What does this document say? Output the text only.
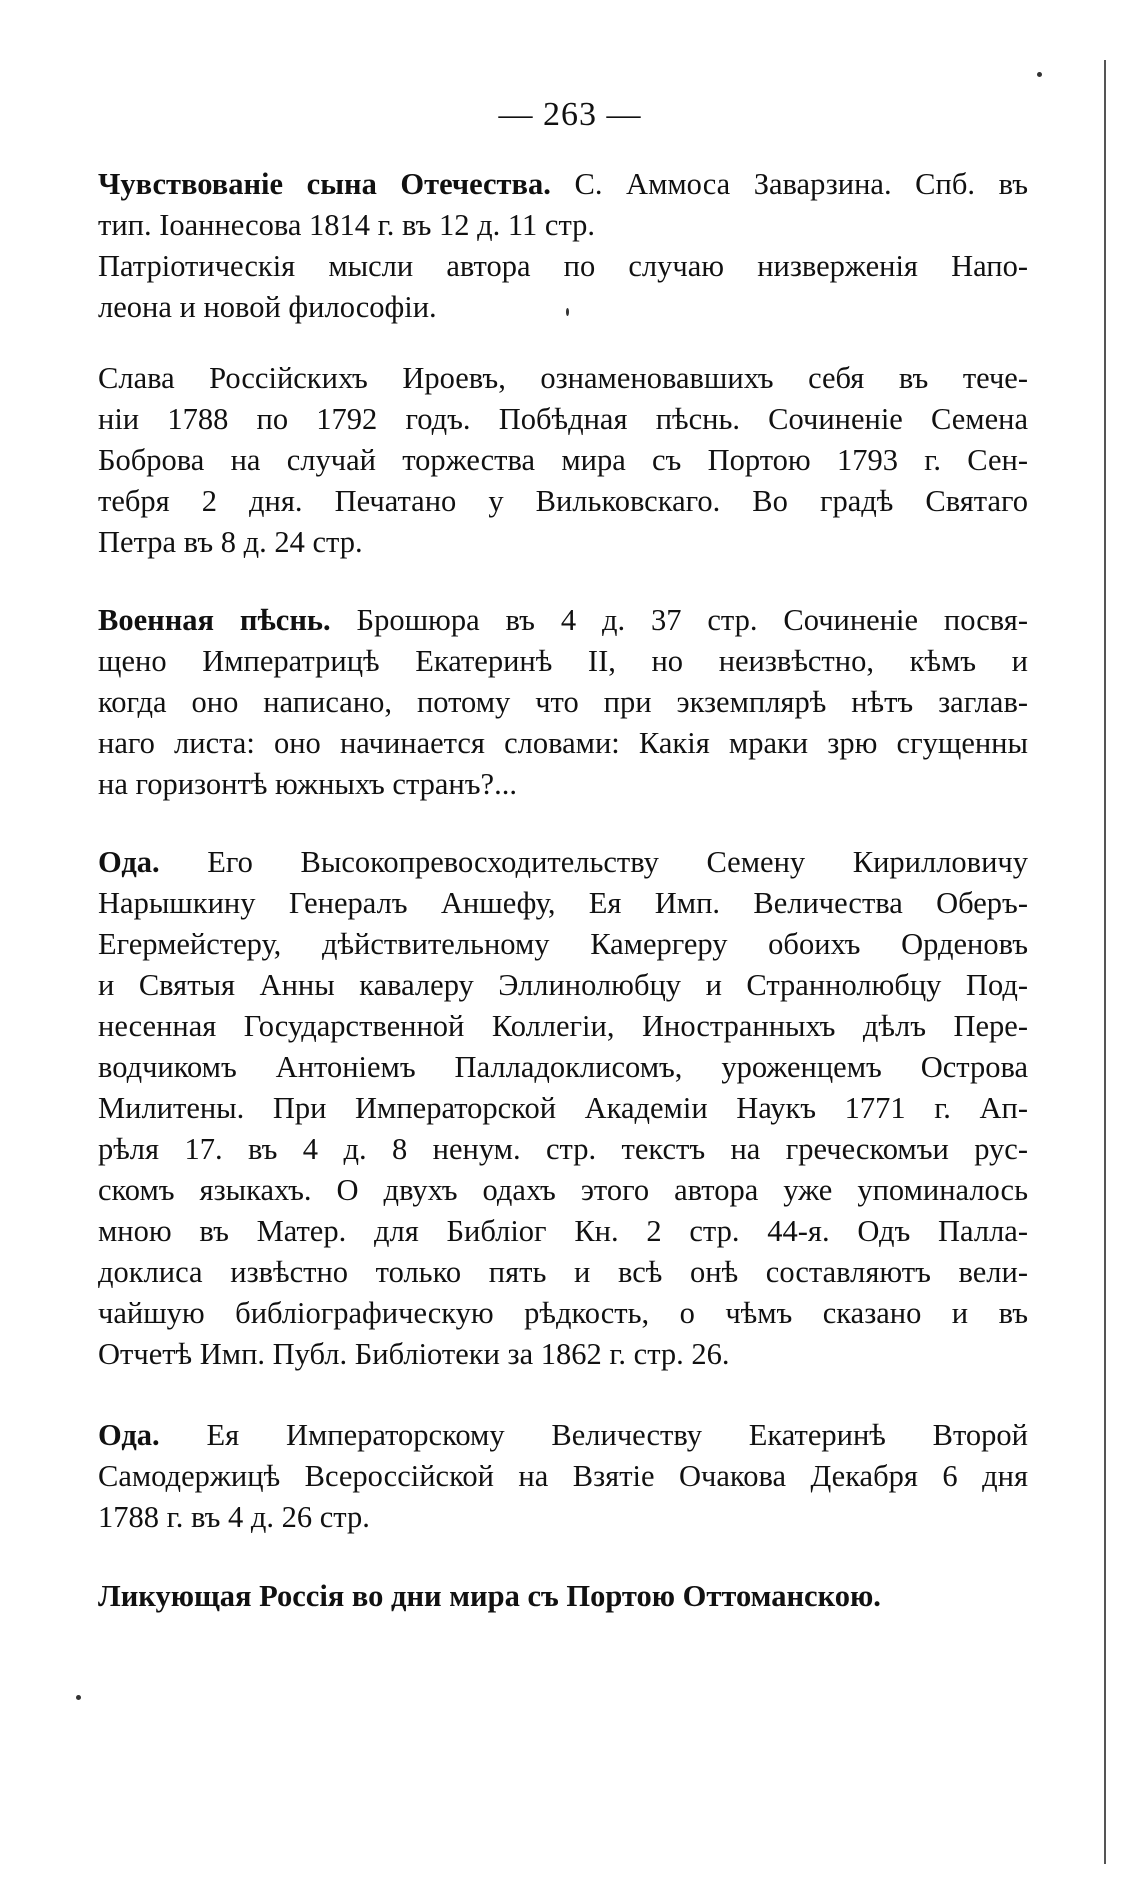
— 263 —
Чувствованіе сына Отечества. С. Аммоса Заварзина. Спб. въ
тип. Іоаннесова 1814 г. въ 12 д. 11 стр.
Патріотическія мысли автора по случаю низверженія Напо-
леона и новой философіи.
Слава Россійскихъ Ироевъ, ознаменовавшихъ себя въ тече-
ніи 1788 по 1792 годъ. Побѣдная пѣснь. Сочиненіе Семена
Боброва на случай торжества мира съ Портою 1793 г. Сен-
тебря 2 дня. Печатано у Вильковскаго. Во градѣ Святаго
Петра въ 8 д. 24 стр.
Военная пѣснь. Брошюра въ 4 д. 37 стр. Сочиненіе посвя-
щено Императрицѣ Екатеринѣ II, но неизвѣстно, кѣмъ и
когда оно написано, потому что при экземплярѣ нѣтъ заглав-
наго листа: оно начинается словами: Какія мраки зрю сгущенны
на горизонтѣ южныхъ странъ?...
Ода. Его Высокопревосходительству Семену Кирилловичу
Нарышкину Генералъ Аншефу, Ея Имп. Величества Оберъ-
Егермейстеру, дѣйствительному Камергеру обоихъ Орденовъ
и Святыя Анны кавалеру Эллинолюбцу и Страннолюбцу Под-
несенная Государственной Коллегіи, Иностранныхъ дѣлъ Пере-
водчикомъ Антоніемъ Палладоклисомъ, уроженцемъ Острова
Милитены. При Императорской Академіи Наукъ 1771 г. Ап-
рѣля 17. въ 4 д. 8 ненум. стр. текстъ на греческомъи рус-
скомъ языкахъ. О двухъ одахъ этого автора уже упоминалось
мною въ Матер. для Библіог Кн. 2 стр. 44-я. Одъ Палла-
доклиса извѣстно только пять и всѣ онѣ составляютъ вели-
чайшую библіографическую рѣдкость, о чѣмъ сказано и въ
Отчетѣ Имп. Публ. Библіотеки за 1862 г. стр. 26.
Ода. Ея Императорскому Величеству Екатеринѣ Второй
Самодержицѣ Всероссійской на Взятіе Очакова Декабря 6 дня
1788 г. въ 4 д. 26 стр.
Ликующая Россія во дни мира съ Портою Оттоманскою.
